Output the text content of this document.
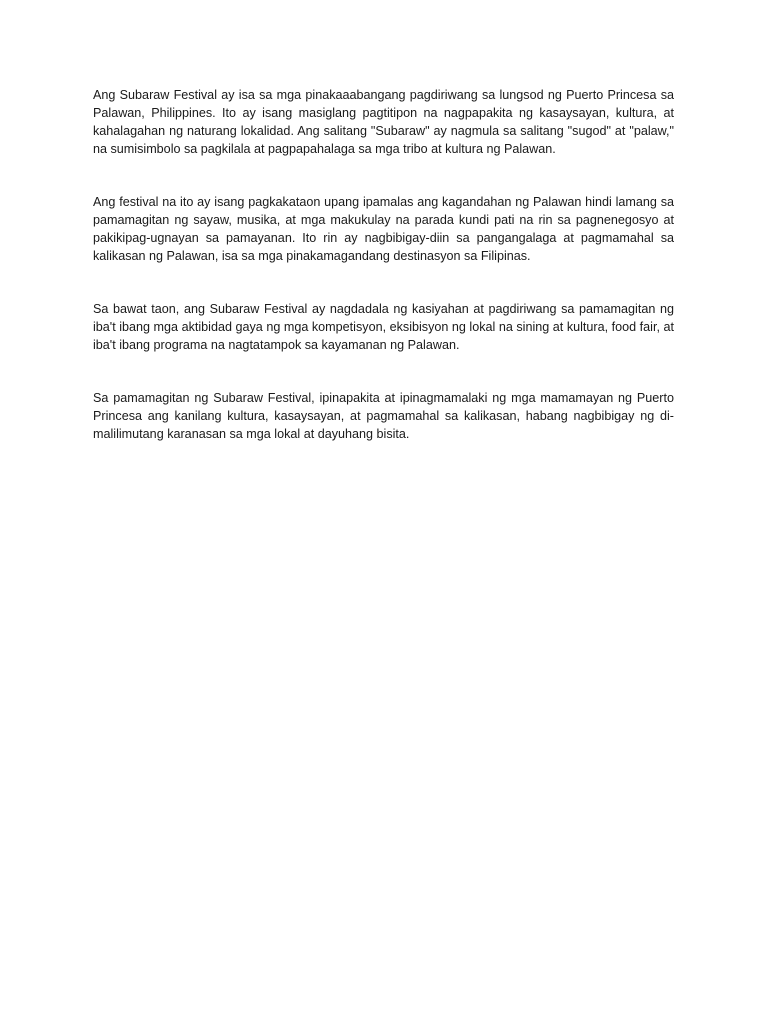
Ang Subaraw Festival ay isa sa mga pinakaaabangang pagdiriwang sa lungsod ng Puerto Princesa sa Palawan, Philippines. Ito ay isang masiglang pagtitipon na nagpapakita ng kasaysayan, kultura, at kahalagahan ng naturang lokalidad. Ang salitang "Subaraw" ay nagmula sa salitang "sugod" at "palaw," na sumisimbolo sa pagkilala at pagpapahalaga sa mga tribo at kultura ng Palawan.

Ang festival na ito ay isang pagkakataon upang ipamalas ang kagandahan ng Palawan hindi lamang sa pamamagitan ng sayaw, musika, at mga makukulay na parada kundi pati na rin sa pagnenegosyo at pakikipag-ugnayan sa pamayanan. Ito rin ay nagbibigay-diin sa pangangalaga at pagmamahal sa kalikasan ng Palawan, isa sa mga pinakamagandang destinasyon sa Filipinas.

Sa bawat taon, ang Subaraw Festival ay nagdadala ng kasiyahan at pagdiriwang sa pamamagitan ng iba't ibang mga aktibidad gaya ng mga kompetisyon, eksibisyon ng lokal na sining at kultura, food fair, at iba't ibang programa na nagtatampok sa kayamanan ng Palawan.

Sa pamamagitan ng Subaraw Festival, ipinapakita at ipinagmamalaki ng mga mamamayan ng Puerto Princesa ang kanilang kultura, kasaysayan, at pagmamahal sa kalikasan, habang nagbibigay ng di-malilimutang karanasan sa mga lokal at dayuhang bisita.
